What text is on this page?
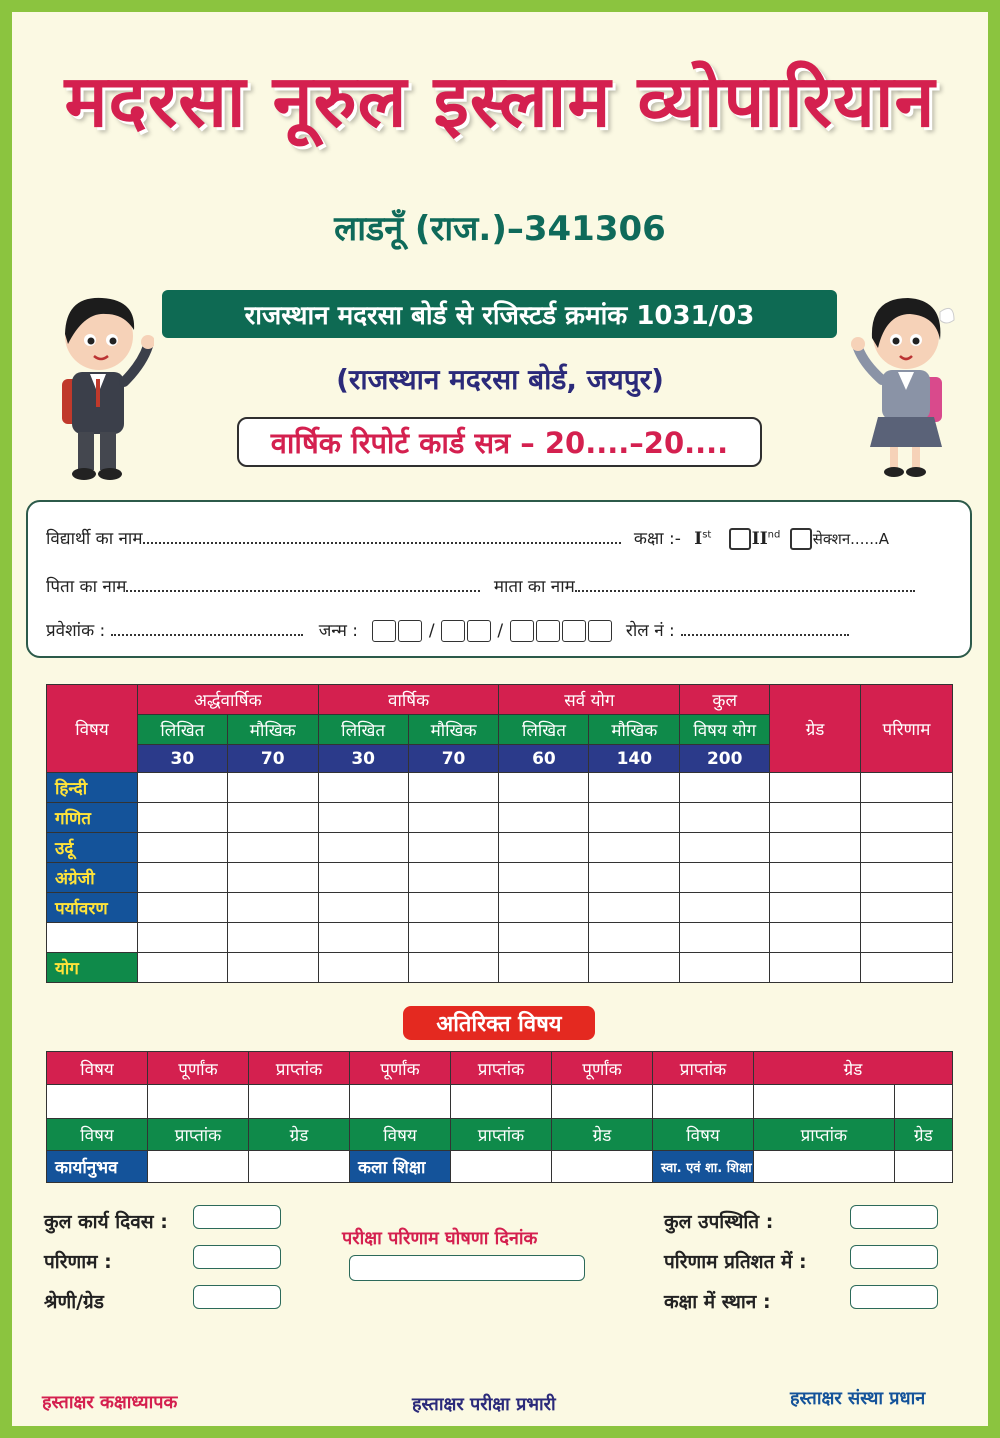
मदरसा नूरुल इस्लाम व्योपारियान
लाडनूँ (राज.)–341306
राजस्थान मदरसा बोर्ड से रजिस्टर्ड क्रमांक 1031/03
(राजस्थान मदरसा बोर्ड, जयपुर)
वार्षिक रिपोर्ट कार्ड सत्र – 20....–20....
विद्यार्थी का नाम	कक्षा :- Ist IInd सेक्शन......A
पिता का नाम	माता का नाम
प्रवेशांक :	जन्म :	/	/	रोल नं :
विषय	अर्द्धवार्षिक		वार्षिक		सर्व योग		कुल	ग्रेड	परिणाम
	लिखित	मौखिक	लिखित	मौखिक	लिखित	मौखिक	विषय योग		
	30	70	30	70	60	140	200		
हिन्दी									
गणित									
उर्दू									
अंग्रेजी									
पर्यावरण									

योग									
अतिरिक्त विषय
विषय	पूर्णांक	प्राप्तांक	पूर्णांक	प्राप्तांक	पूर्णांक	प्राप्तांक	ग्रेड	

विषय	प्राप्तांक	ग्रेड	विषय	प्राप्तांक	ग्रेड	विषय	प्राप्तांक	ग्रेड
कार्यानुभव			कला शिक्षा			स्वा. एवं शा. शिक्षा		
कुल कार्य दिवस :
परिणाम :
श्रेणी/ग्रेड
परीक्षा परिणाम घोषणा दिनांक
कुल उपस्थिति :
परिणाम प्रतिशत में :
कक्षा में स्थान :
हस्ताक्षर कक्षाध्यापक	हस्ताक्षर परीक्षा प्रभारी	हस्ताक्षर संस्था प्रधान
